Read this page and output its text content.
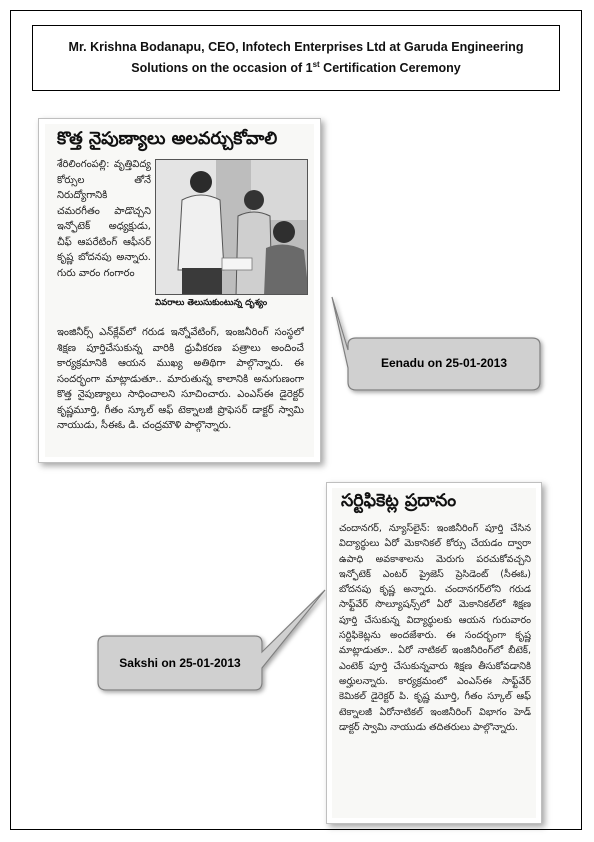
Mr. Krishna Bodanapu, CEO, Infotech Enterprises Ltd at Garuda Engineering
Solutions on the occasion of 1st Certification Ceremony
Eenadu on 25-01-2013
Sakshi on 25-01-2013
కొత్త నైపుణ్యాలు అలవర్చుకోవాలి
శేరిలింగంపల్లి: వృత్తివిద్య కోర్సుల తోనే నిరుద్యోగానికి చమరగీతం పాడొచ్చని ఇన్ఫోటెక్ అధ్యక్షుడు, చీఫ్ ఆపరేటింగ్ ఆఫీసర్ కృష్ణ బోదనపు అన్నారు. గురు వారం గంగారం
వివరాలు తెలుసుకుంటున్న దృశ్యం
ఇంజినీర్స్ ఎన్‌క్లేవ్‌లో గరుడ ఇన్నోవేటింగ్, ఇంజనీరింగ్ సంస్థలో శిక్షణ పూర్తిచేసుకున్న వారికి ధ్రువీకరణ పత్రాలు అందించే కార్యక్రమానికి ఆయన ముఖ్య అతిథిగా పాల్గొన్నారు. ఈ సందర్భంగా మాట్లాడుతూ.. మారుతున్న కాలానికి అనుగుణంగా కొత్త నైపుణ్యాలు సాధించాలని సూచించారు. ఎంఎస్ఈ డైరెక్టర్ కృష్ణమూర్తి, గీతం స్కూల్ ఆఫ్ టెక్నాలజీ ప్రొఫెసర్ డాక్టర్ స్వామి నాయుడు, సీఈఓ డి. చంద్రమౌళి పాల్గొన్నారు.
సర్టిఫికెట్ల ప్రదానం
చందానగర్, న్యూస్‌లైన్: ఇంజినీరింగ్ పూర్తి చేసిన విద్యార్థులు ఏరో మెకానికల్ కోర్సు చేయడం ద్వారా ఉపాధి అవకాశాలను మెరుగు పరచుకోవచ్చని ఇన్ఫోటెక్ ఎంటర్ ప్రైజెస్ ప్రెసిడెంట్ (సీఈఓ) బోదనపు కృష్ణ అన్నారు. చందానగర్‌లోని గరుడ సాఫ్ట్‌వేర్ సొల్యూషన్స్‌లో ఏరో మెకానికల్‌లో శిక్షణ పూర్తి చేసుకున్న విద్యార్థులకు ఆయన గురువారం సర్టిఫికెట్లను అందజేశారు. ఈ సందర్భంగా కృష్ణ మాట్లాడుతూ.. ఏరో నాటికల్ ఇంజినీరింగ్‌లో బీటెక్, ఎంటెక్ పూర్తి చేసుకున్నవారు శిక్షణ తీసుకోవడానికి అర్హులన్నారు. కార్యక్రమంలో ఎంఎస్ఈ సాఫ్ట్‌వేర్ కెమికల్ డైరెక్టర్ పి. కృష్ణ మూర్తి, గీతం స్కూల్ ఆఫ్ టెక్నాలజీ ఏరోనాటికల్ ఇంజినీరింగ్ విభాగం హెడ్ డాక్టర్ స్వామి నాయుడు తదితరులు పాల్గొన్నారు.
